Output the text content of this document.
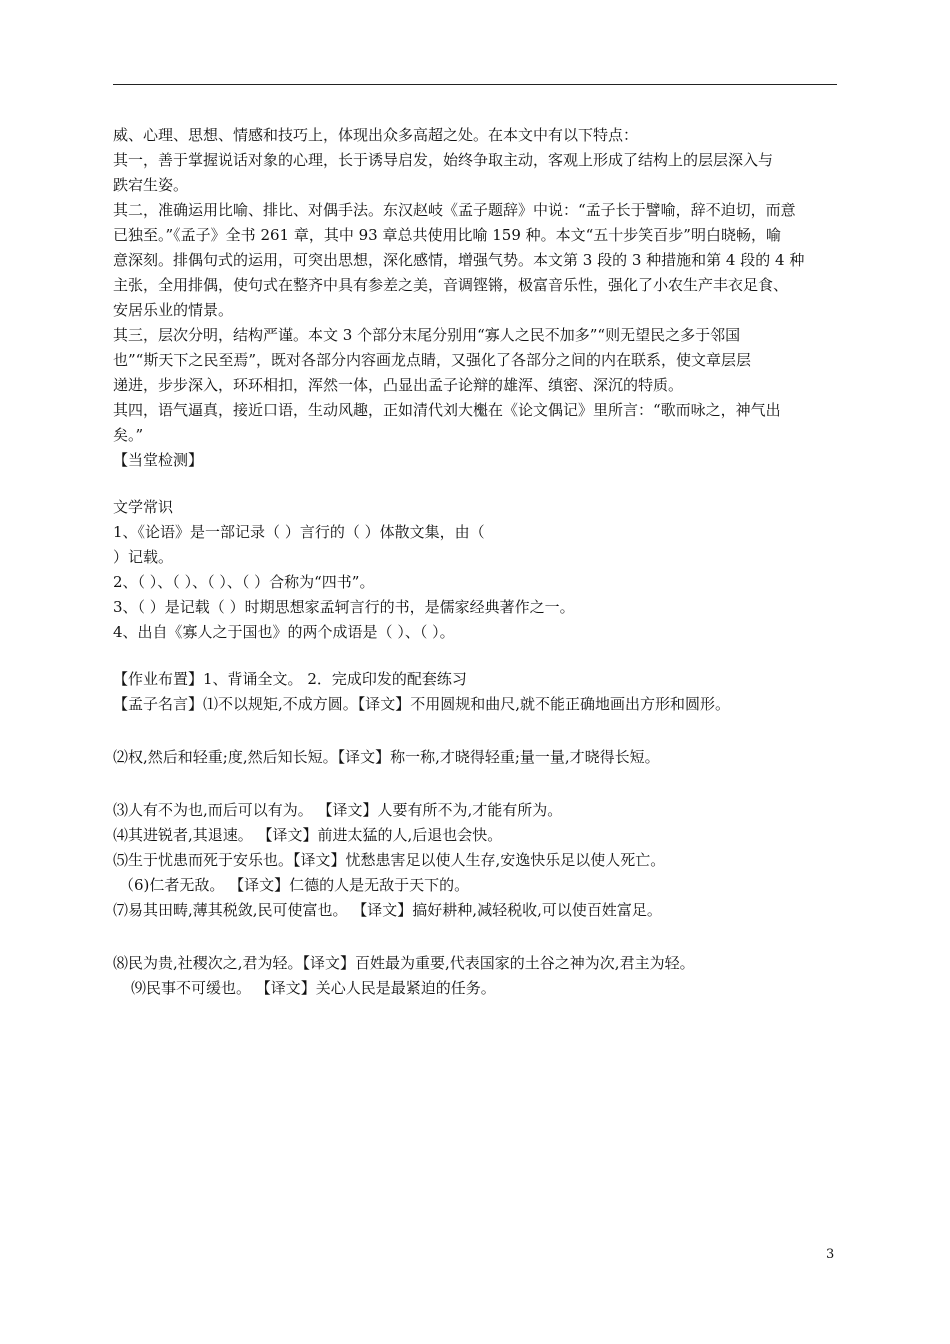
威、心理、思想、情感和技巧上，体现出众多高超之处。在本文中有以下特点：

其一，善于掌握说话对象的心理，长于诱导启发，始终争取主动，客观上形成了结构上的层层深入与

跌宕生姿。

其二，准确运用比喻、排比、对偶手法。东汉赵岐《孟子题辞》中说：“孟子长于譬喻，辞不迫切，而意

已独至。”《孟子》全书 261 章，其中 93 章总共使用比喻 159 种。本文“五十步笑百步”明白晓畅，喻

意深刻。排偶句式的运用，可突出思想，深化感情，增强气势。本文第 3 段的 3 种措施和第 4 段的 4 种

主张，全用排偶，使句式在整齐中具有参差之美，音调铿锵，极富音乐性，强化了小农生产丰衣足食、

安居乐业的情景。

其三，层次分明，结构严谨。本文 3 个部分末尾分别用“寡人之民不加多”“则无望民之多于邻国

也”“斯天下之民至焉”，既对各部分内容画龙点睛，又强化了各部分之间的内在联系，使文章层层

递进，步步深入，环环相扣，浑然一体，凸显出孟子论辩的雄浑、缜密、深沉的特质。

其四，语气逼真，接近口语，生动风趣，正如清代刘大櫆在《论文偶记》里所言：“歌而咏之，神气出

矣。”

【当堂检测】

文学常识

1、《论语》是一部记录（ ）言行的（ ）体散文集，由（

）记载。

2、（ ）、（ ）、（ ）、（ ）合称为“四书”。

3、（ ）是记载（ ）时期思想家孟轲言行的书，是儒家经典著作之一。

4、出自《寡人之于国也》的两个成语是（ ）、（ ）。

【作业布置】1、背诵全文。 2．完成印发的配套练习

【孟子名言】⑴不以规矩,不成方圆。【译文】不用圆规和曲尺,就不能正确地画出方形和圆形。

⑵权,然后和轻重;度,然后知长短。【译文】称一称,才晓得轻重;量一量,才晓得长短。

⑶人有不为也,而后可以有为。 【译文】人要有所不为,才能有所为。

⑷其进锐者,其退速。 【译文】前进太猛的人,后退也会快。

⑸生于忧患而死于安乐也。【译文】忧愁患害足以使人生存,安逸快乐足以使人死亡。

（6)仁者无敌。 【译文】仁德的人是无敌于天下的。

⑺易其田畴,薄其税敛,民可使富也。 【译文】搞好耕种,减轻税收,可以使百姓富足。

⑻民为贵,社稷次之,君为轻。【译文】百姓最为重要,代表国家的土谷之神为次,君主为轻。

⑼民事不可缓也。 【译文】关心人民是最紧迫的任务。

3
